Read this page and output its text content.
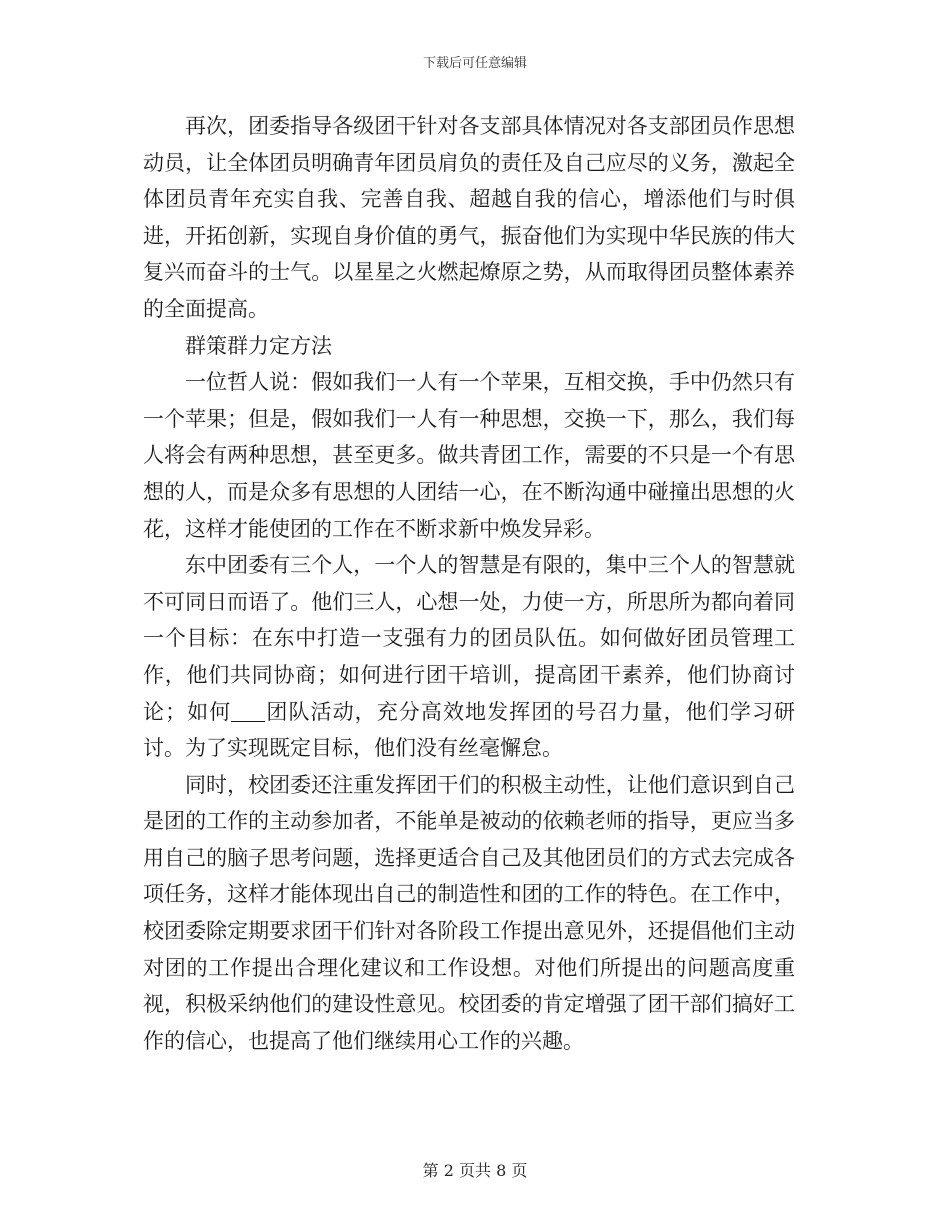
下载后可任意编辑

再次，团委指导各级团干针对各支部具体情况对各支部团员作思想动员，让全体团员明确青年团员肩负的责任及自己应尽的义务，激起全体团员青年充实自我、完善自我、超越自我的信心，增添他们与时俱进，开拓创新，实现自身价值的勇气，振奋他们为实现中华民族的伟大复兴而奋斗的士气。以星星之火燃起燎原之势，从而取得团员整体素养的全面提高。

群策群力定方法

一位哲人说：假如我们一人有一个苹果，互相交换，手中仍然只有一个苹果；但是，假如我们一人有一种思想，交换一下，那么，我们每人将会有两种思想，甚至更多。做共青团工作，需要的不只是一个有思想的人，而是众多有思想的人团结一心，在不断沟通中碰撞出思想的火花，这样才能使团的工作在不断求新中焕发异彩。

东中团委有三个人，一个人的智慧是有限的，集中三个人的智慧就不可同日而语了。他们三人，心想一处，力使一方，所思所为都向着同一个目标：在东中打造一支强有力的团员队伍。如何做好团员管理工作，他们共同协商；如何进行团干培训，提高团干素养，他们协商讨论；如何 团队活动，充分高效地发挥团的号召力量，他们学习研讨。为了实现既定目标，他们没有丝毫懈怠。

同时，校团委还注重发挥团干们的积极主动性，让他们意识到自己是团的工作的主动参加者，不能单是被动的依赖老师的指导，更应当多用自己的脑子思考问题，选择更适合自己及其他团员们的方式去完成各项任务，这样才能体现出自己的制造性和团的工作的特色。在工作中，校团委除定期要求团干们针对各阶段工作提出意见外，还提倡他们主动对团的工作提出合理化建议和工作设想。对他们所提出的问题高度重视，积极采纳他们的建设性意见。校团委的肯定增强了团干部们搞好工作的信心，也提高了他们继续用心工作的兴趣。

第 2 页共 8 页
